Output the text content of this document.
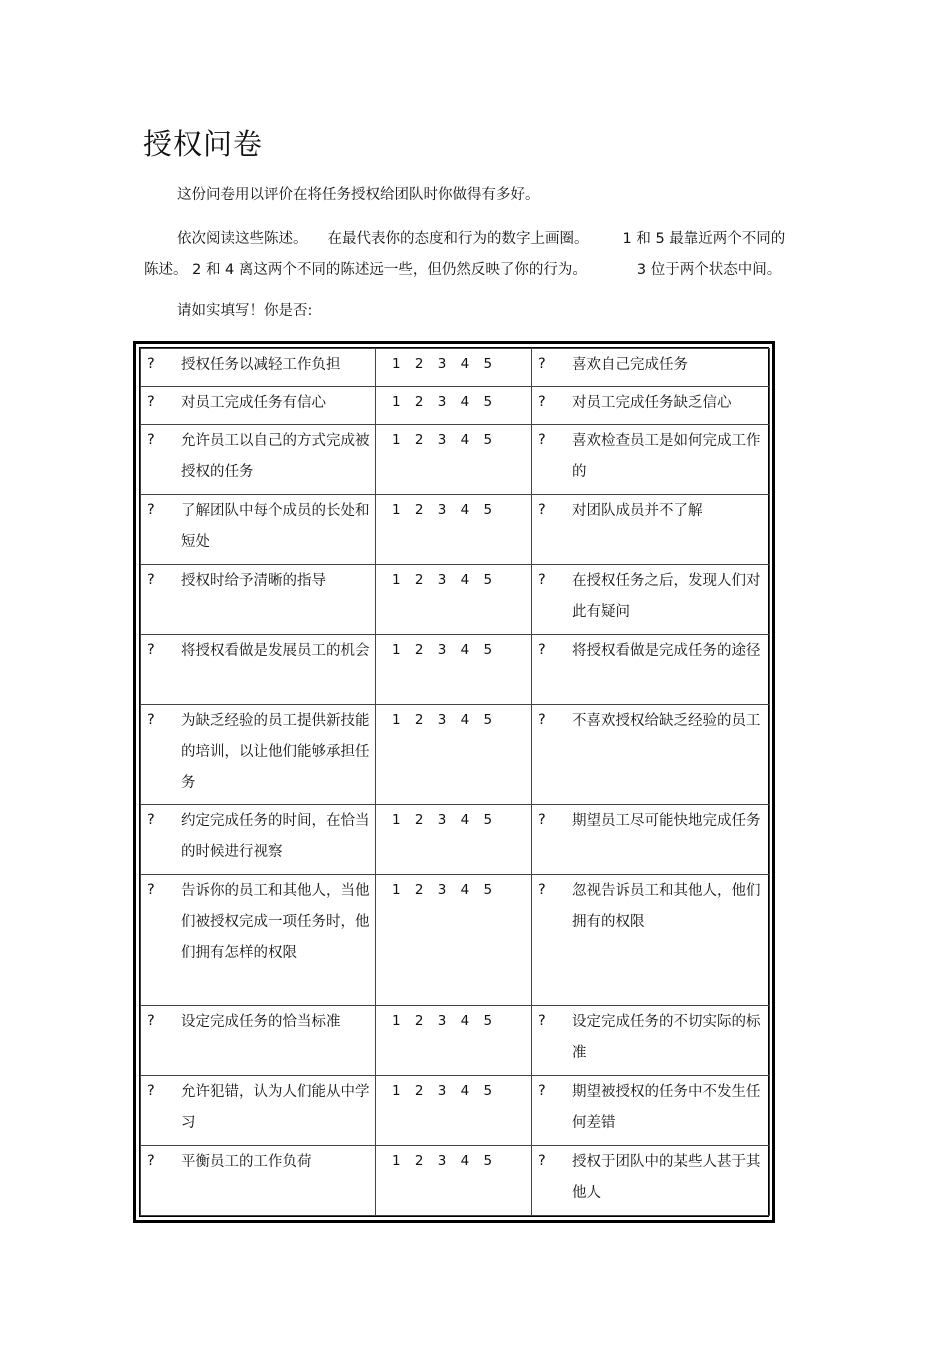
授权问卷
这份问卷用以评价在将任务授权给团队时你做得有多好。
依次阅读这些陈述。 在最代表你的态度和行为的数字上画圈。 1 和 5 最靠近两个不同的
陈述。 2 和 4 离这两个不同的陈述远一些，但仍然反映了你的行为。	3 位于两个状态中间。
请如实填写！你是否:
? 授权任务以减轻工作负担	1 2 3 4 5	? 喜欢自己完成任务

? 对员工完成任务有信心	1 2 3 4 5	? 对员工完成任务缺乏信心

? 允许员工以自己的方式完成被授权的任务	1 2 3 4 5	? 喜欢检查员工是如何完成工作的

? 了解团队中每个成员的长处和短处	1 2 3 4 5	? 对团队成员并不了解

? 授权时给予清晰的指导	1 2 3 4 5	? 在授权任务之后，发现人们对此有疑问

? 将授权看做是发展员工的机会	1 2 3 4 5	? 将授权看做是完成任务的途径

? 为缺乏经验的员工提供新技能的培训，以让他们能够承担任务	1 2 3 4 5	? 不喜欢授权给缺乏经验的员工

? 约定完成任务的时间，在恰当的时候进行视察	1 2 3 4 5	? 期望员工尽可能快地完成任务

? 告诉你的员工和其他人，当他们被授权完成一项任务时，他们拥有怎样的权限	1 2 3 4 5	? 忽视告诉员工和其他人，他们拥有的权限

? 设定完成任务的恰当标准	1 2 3 4 5	? 设定完成任务的不切实际的标准

? 允许犯错，认为人们能从中学习	1 2 3 4 5	? 期望被授权的任务中不发生任何差错

? 平衡员工的工作负荷	1 2 3 4 5	? 授权于团队中的某些人甚于其他人
